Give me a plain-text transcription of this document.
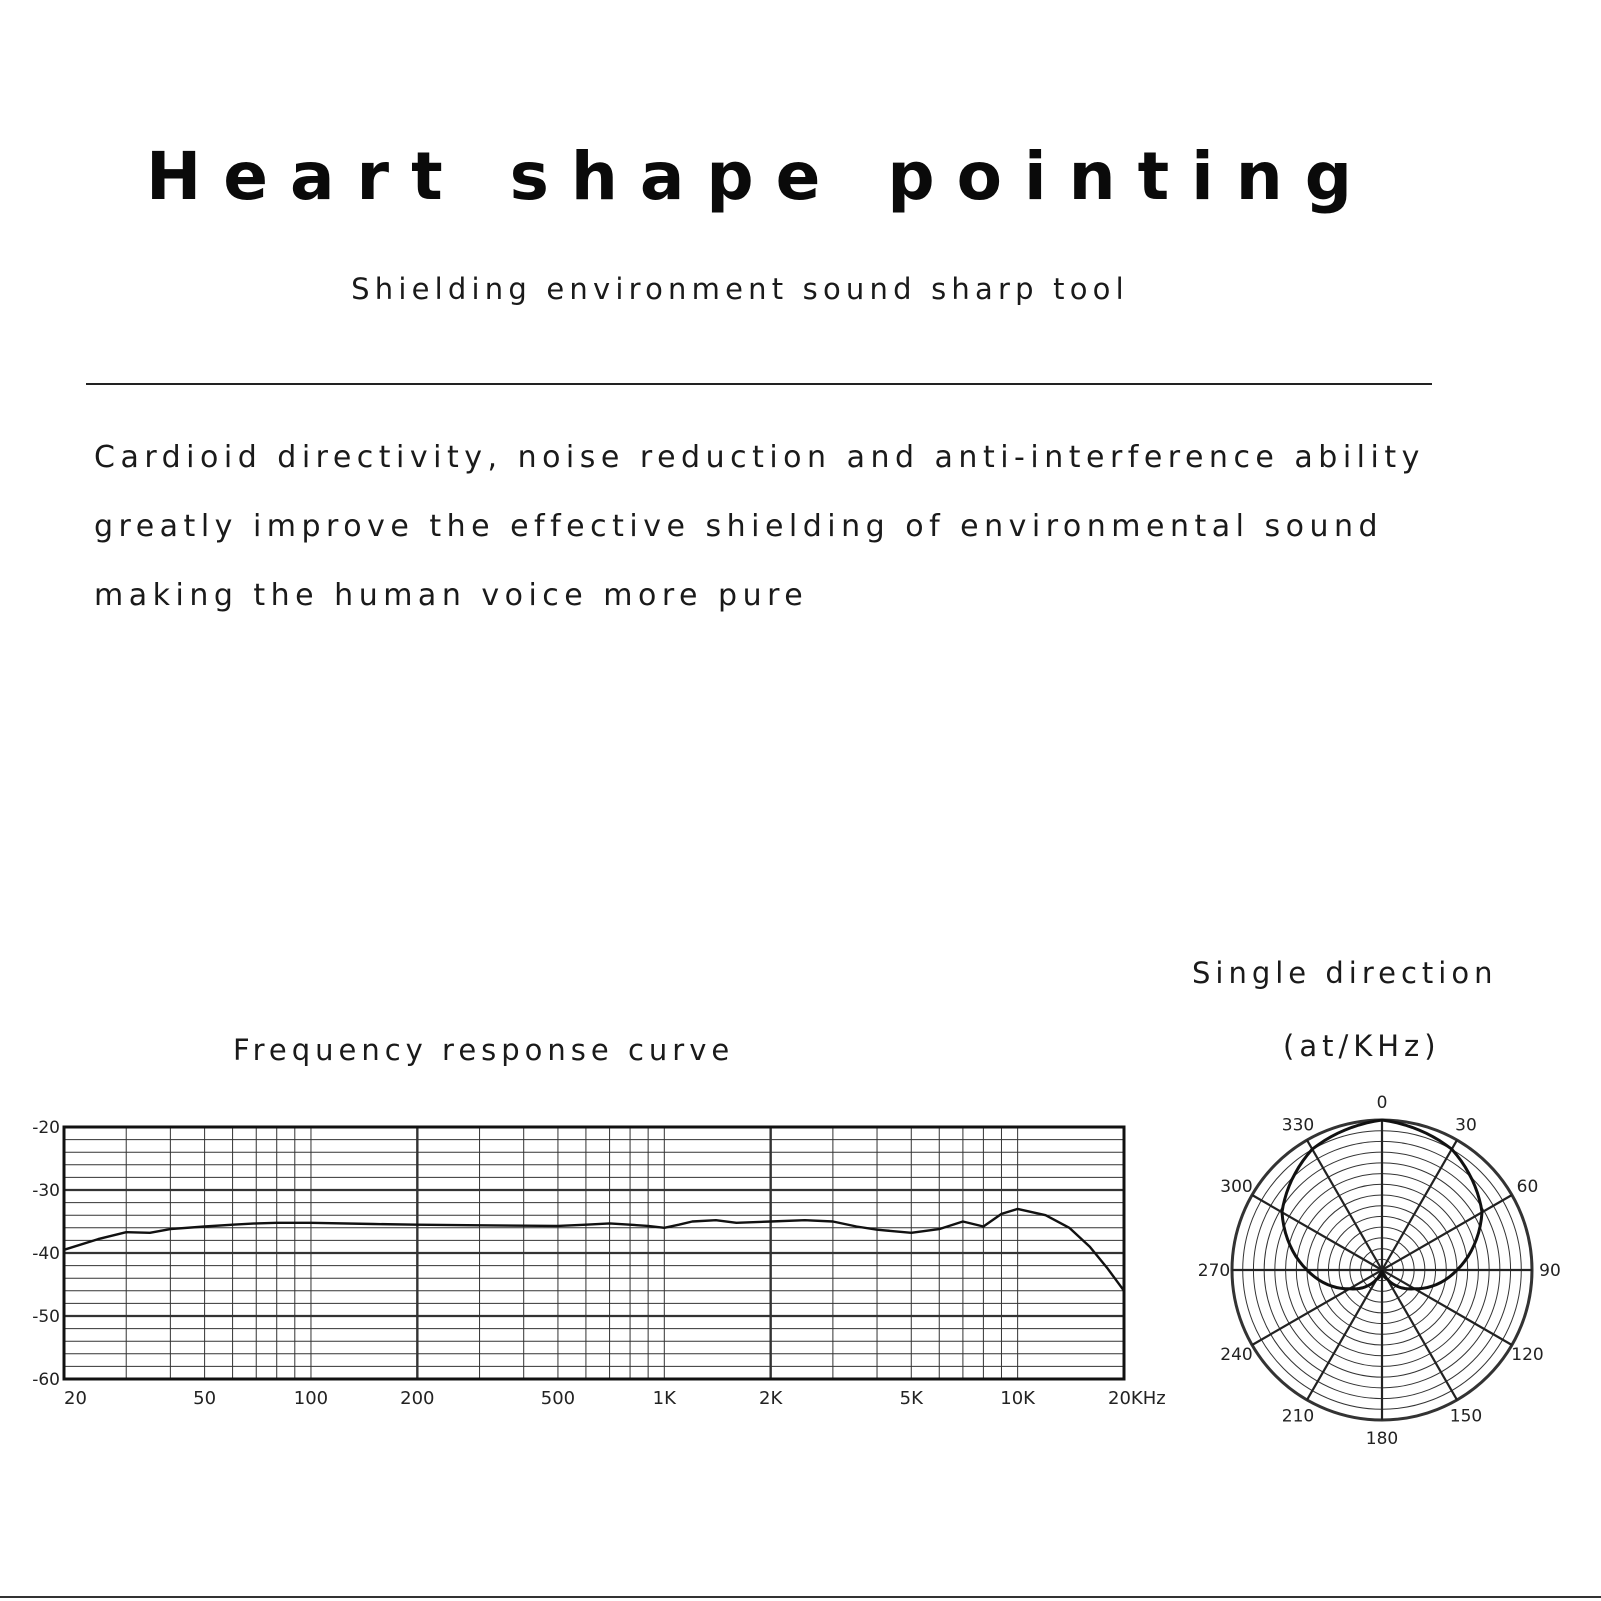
Heart shape pointing
Shielding environment sound sharp tool
Cardioid directivity, noise reduction and anti-interference ability
greatly improve the effective shielding of environmental sound
making the human voice more pure
Frequency response curve
Single direction
(at/KHz)
-20
-30
-40
-50
-60
20	50	100	200	500	1K	2K	5K	10K	20KHz
0
30
60
90
120
150
180
210
240
270
300
330
